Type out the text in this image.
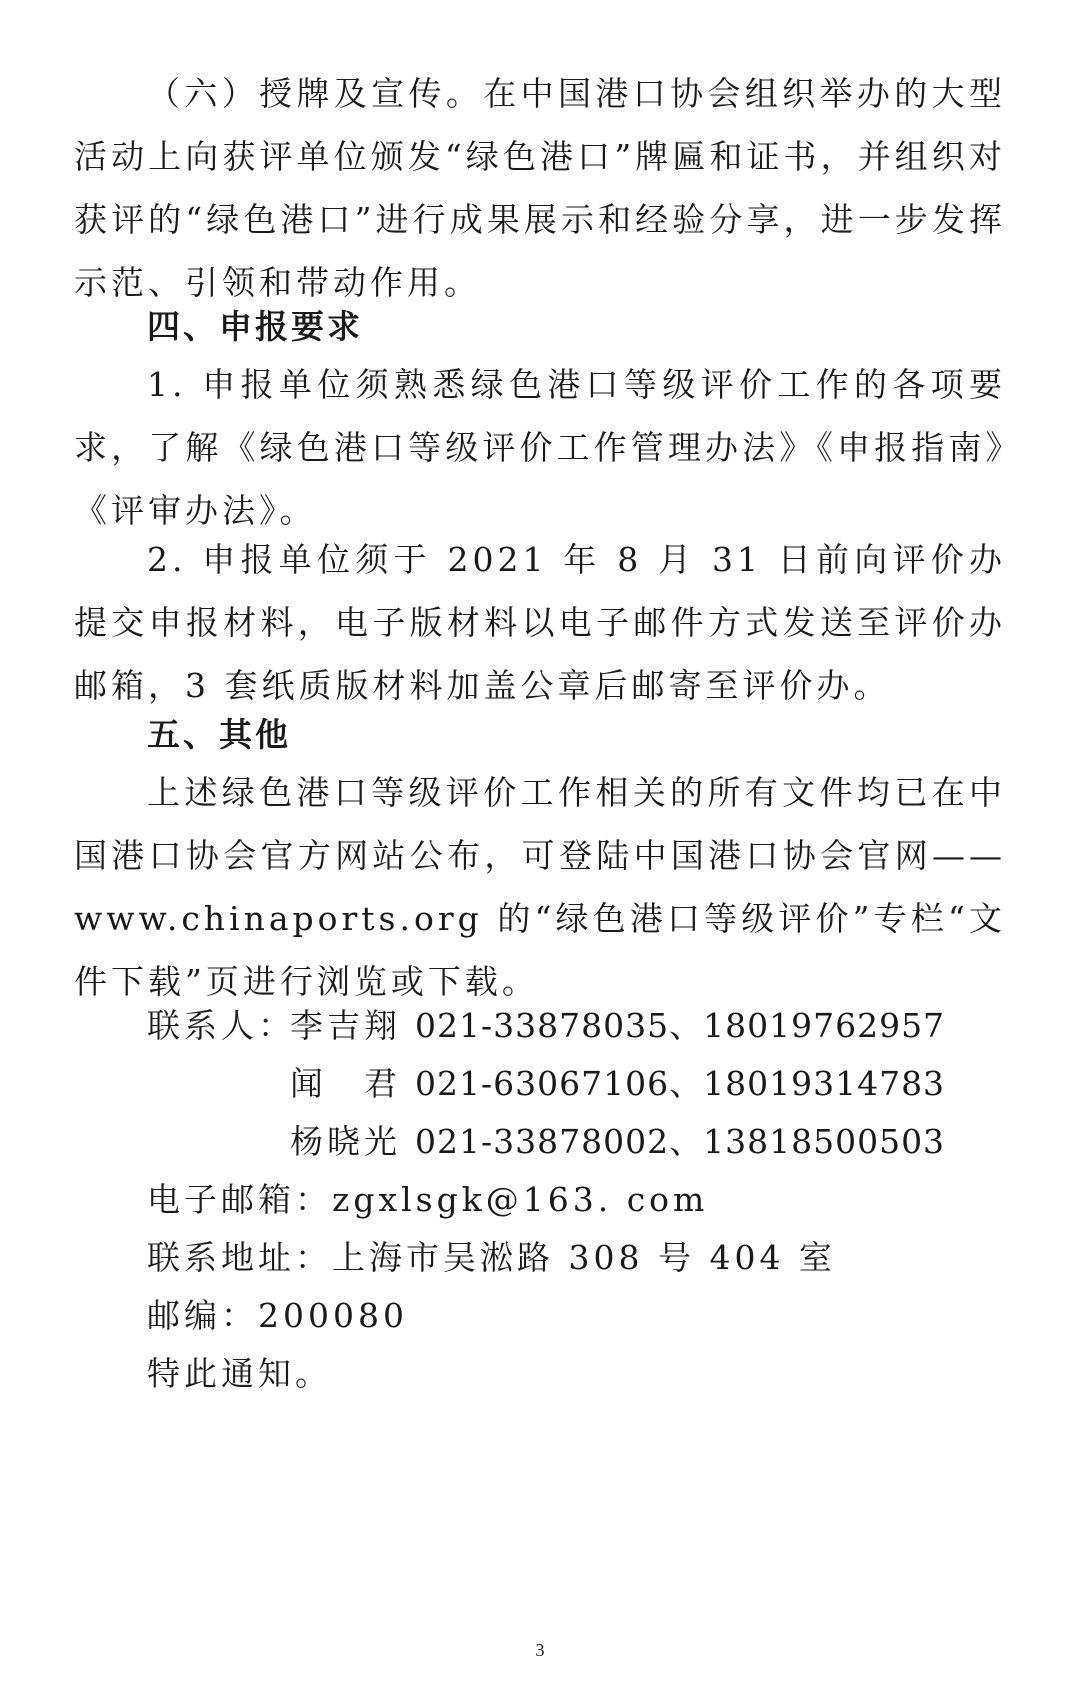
（六）授牌及宣传。在中国港口协会组织举办的大型活动上向获评单位颁发“绿色港口”牌匾和证书，并组织对获评的“绿色港口”进行成果展示和经验分享，进一步发挥示范、引领和带动作用。

四、申报要求

1. 申报单位须熟悉绿色港口等级评价工作的各项要求，了解《绿色港口等级评价工作管理办法》《申报指南》《评审办法》。

2. 申报单位须于 2021 年 8 月 31 日前向评价办提交申报材料，电子版材料以电子邮件方式发送至评价办邮箱，3 套纸质版材料加盖公章后邮寄至评价办。

五、其他

上述绿色港口等级评价工作相关的所有文件均已在中国港口协会官方网站公布，可登陆中国港口协会官网——www.chinaports.org 的“绿色港口等级评价”专栏“文件下载”页进行浏览或下载。

联系人：
李吉翔 021-33878035、18019762957
闻　君 021-63067106、18019314783
杨晓光 021-33878002、13818500503

电子邮箱：zgxlsgk@163. com

联系地址：上海市吴淞路 308 号 404 室

邮编：200080

特此通知。

3
